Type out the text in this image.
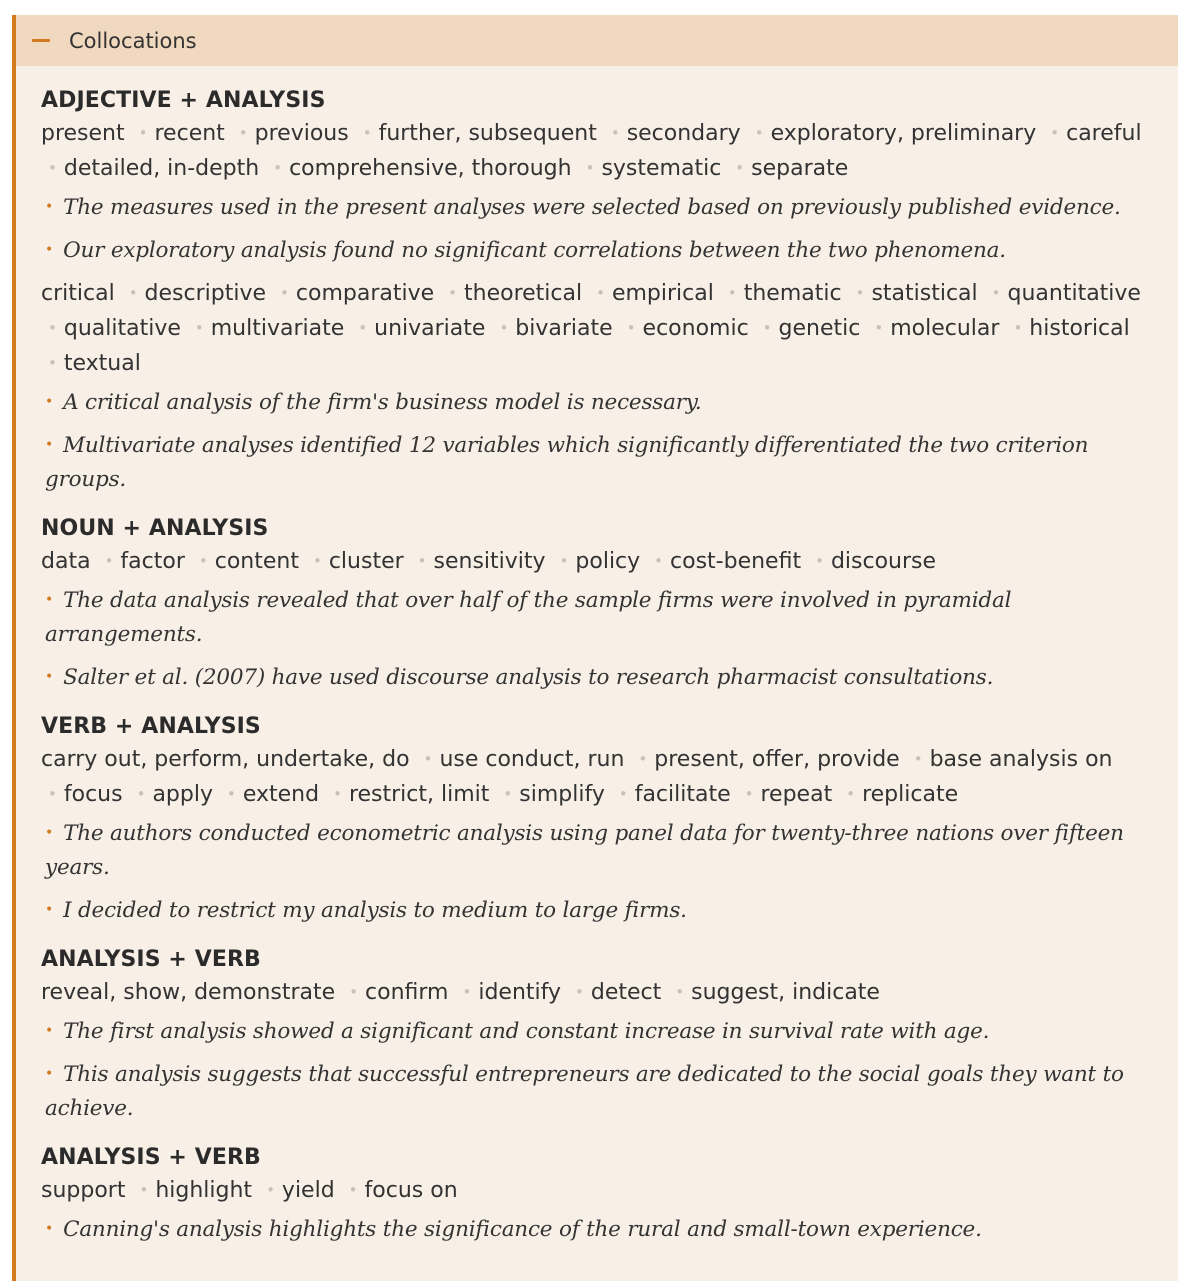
Collocations
ADJECTIVE + ANALYSIS
present • recent • previous • further, subsequent • secondary • exploratory, preliminary • careful • detailed, in-depth • comprehensive, thorough • systematic • separate
• The measures used in the present analyses were selected based on previously published evidence.
• Our exploratory analysis found no significant correlations between the two phenomena.
critical • descriptive • comparative • theoretical • empirical • thematic • statistical • quantitative • qualitative • multivariate • univariate • bivariate • economic • genetic • molecular • historical • textual
• A critical analysis of the firm's business model is necessary.
• Multivariate analyses identified 12 variables which significantly differentiated the two criterion groups.
NOUN + ANALYSIS
data • factor • content • cluster • sensitivity • policy • cost-benefit • discourse
• The data analysis revealed that over half of the sample firms were involved in pyramidal arrangements.
• Salter et al. (2007) have used discourse analysis to research pharmacist consultations.
VERB + ANALYSIS
carry out, perform, undertake, do • use conduct, run • present, offer, provide • base analysis on • focus • apply • extend • restrict, limit • simplify • facilitate • repeat • replicate
• The authors conducted econometric analysis using panel data for twenty-three nations over fifteen years.
• I decided to restrict my analysis to medium to large firms.
ANALYSIS + VERB
reveal, show, demonstrate • confirm • identify • detect • suggest, indicate
• The first analysis showed a significant and constant increase in survival rate with age.
• This analysis suggests that successful entrepreneurs are dedicated to the social goals they want to achieve.
ANALYSIS + VERB
support • highlight • yield • focus on
• Canning's analysis highlights the significance of the rural and small-town experience.
